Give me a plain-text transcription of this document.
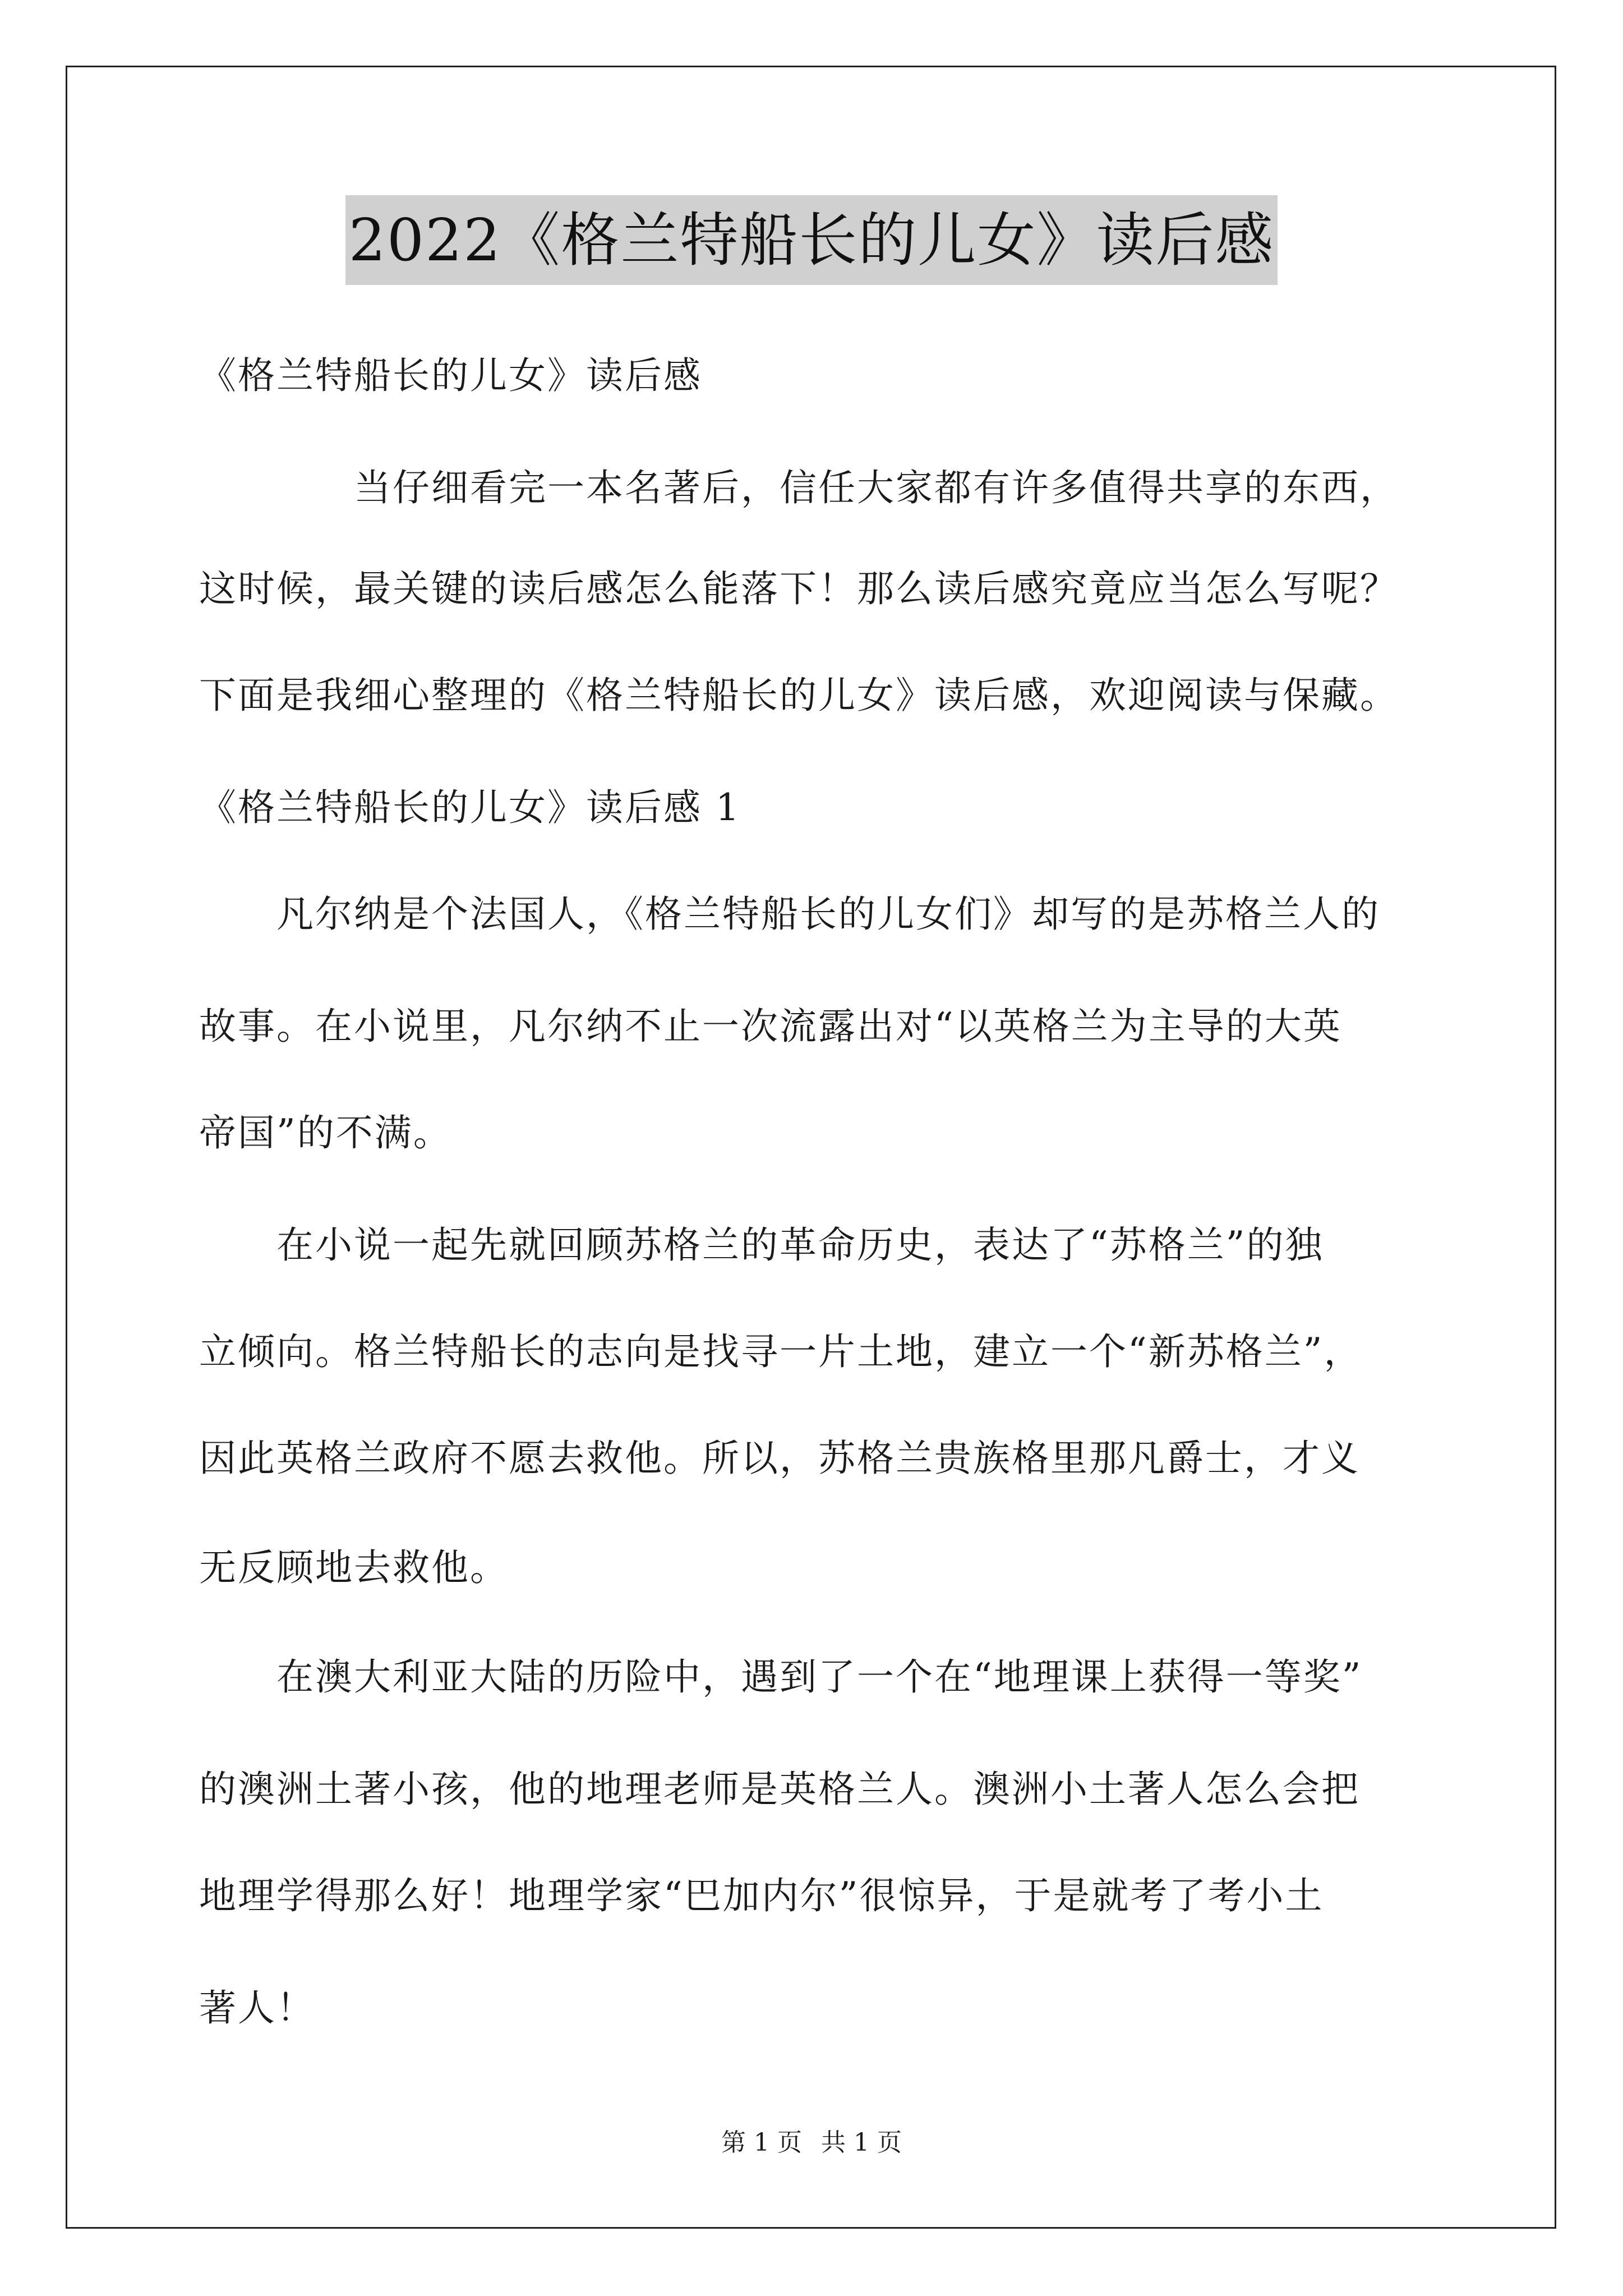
2022《格兰特船长的儿女》读后感
《格兰特船长的儿女》读后感
　　　　当仔细看完一本名著后，信任大家都有许多值得共享的东西，
这时候，最关键的读后感怎么能落下！那么读后感究竟应当怎么写呢？
下面是我细心整理的《格兰特船长的儿女》读后感，欢迎阅读与保藏。
《格兰特船长的儿女》读后感 1
　　凡尔纳是个法国人，《格兰特船长的儿女们》却写的是苏格兰人的
故事。在小说里，凡尔纳不止一次流露出对“以英格兰为主导的大英
帝国”的不满。
　　在小说一起先就回顾苏格兰的革命历史，表达了“苏格兰”的独
立倾向。格兰特船长的志向是找寻一片土地，建立一个“新苏格兰”，
因此英格兰政府不愿去救他。所以，苏格兰贵族格里那凡爵士，才义
无反顾地去救他。
　　在澳大利亚大陆的历险中，遇到了一个在“地理课上获得一等奖”
的澳洲土著小孩，他的地理老师是英格兰人。澳洲小土著人怎么会把
地理学得那么好！地理学家“巴加内尔”很惊异，于是就考了考小土
著人！
第 1 页 共 1 页
